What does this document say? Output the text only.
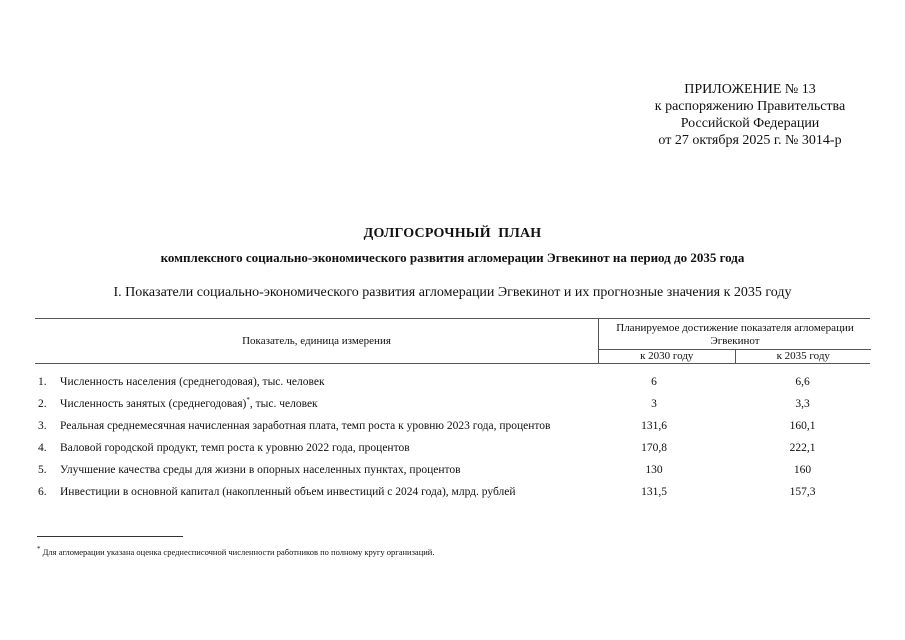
ПРИЛОЖЕНИЕ № 13
к распоряжению Правительства
Российской Федерации
от 27 октября 2025 г. № 3014-р
ДОЛГОСРОЧНЫЙ  ПЛАН
комплексного социально-экономического развития агломерации Эгвекинот на период до 2035 года
I. Показатели социально-экономического развития агломерации Эгвекинот и их прогнозные значения к 2035 году
Показатель, единица измерения
Планируемое достижение показателя агломерации Эгвекинот
к 2030 году	к 2035 году
1.	Численность населения (среднегодовая), тыс. человек	6	6,6
2.	Численность занятых (среднегодовая)*, тыс. человек	3	3,3
3.	Реальная среднемесячная начисленная заработная плата, темп роста к уровню 2023 года, процентов	131,6	160,1
4.	Валовой городской продукт, темп роста к уровню 2022 года, процентов	170,8	222,1
5.	Улучшение качества среды для жизни в опорных населенных пунктах, процентов	130	160
6.	Инвестиции в основной капитал (накопленный объем инвестиций с 2024 года), млрд. рублей	131,5	157,3
* Для агломерации указана оценка среднесписочной численности работников по полному кругу организаций.
